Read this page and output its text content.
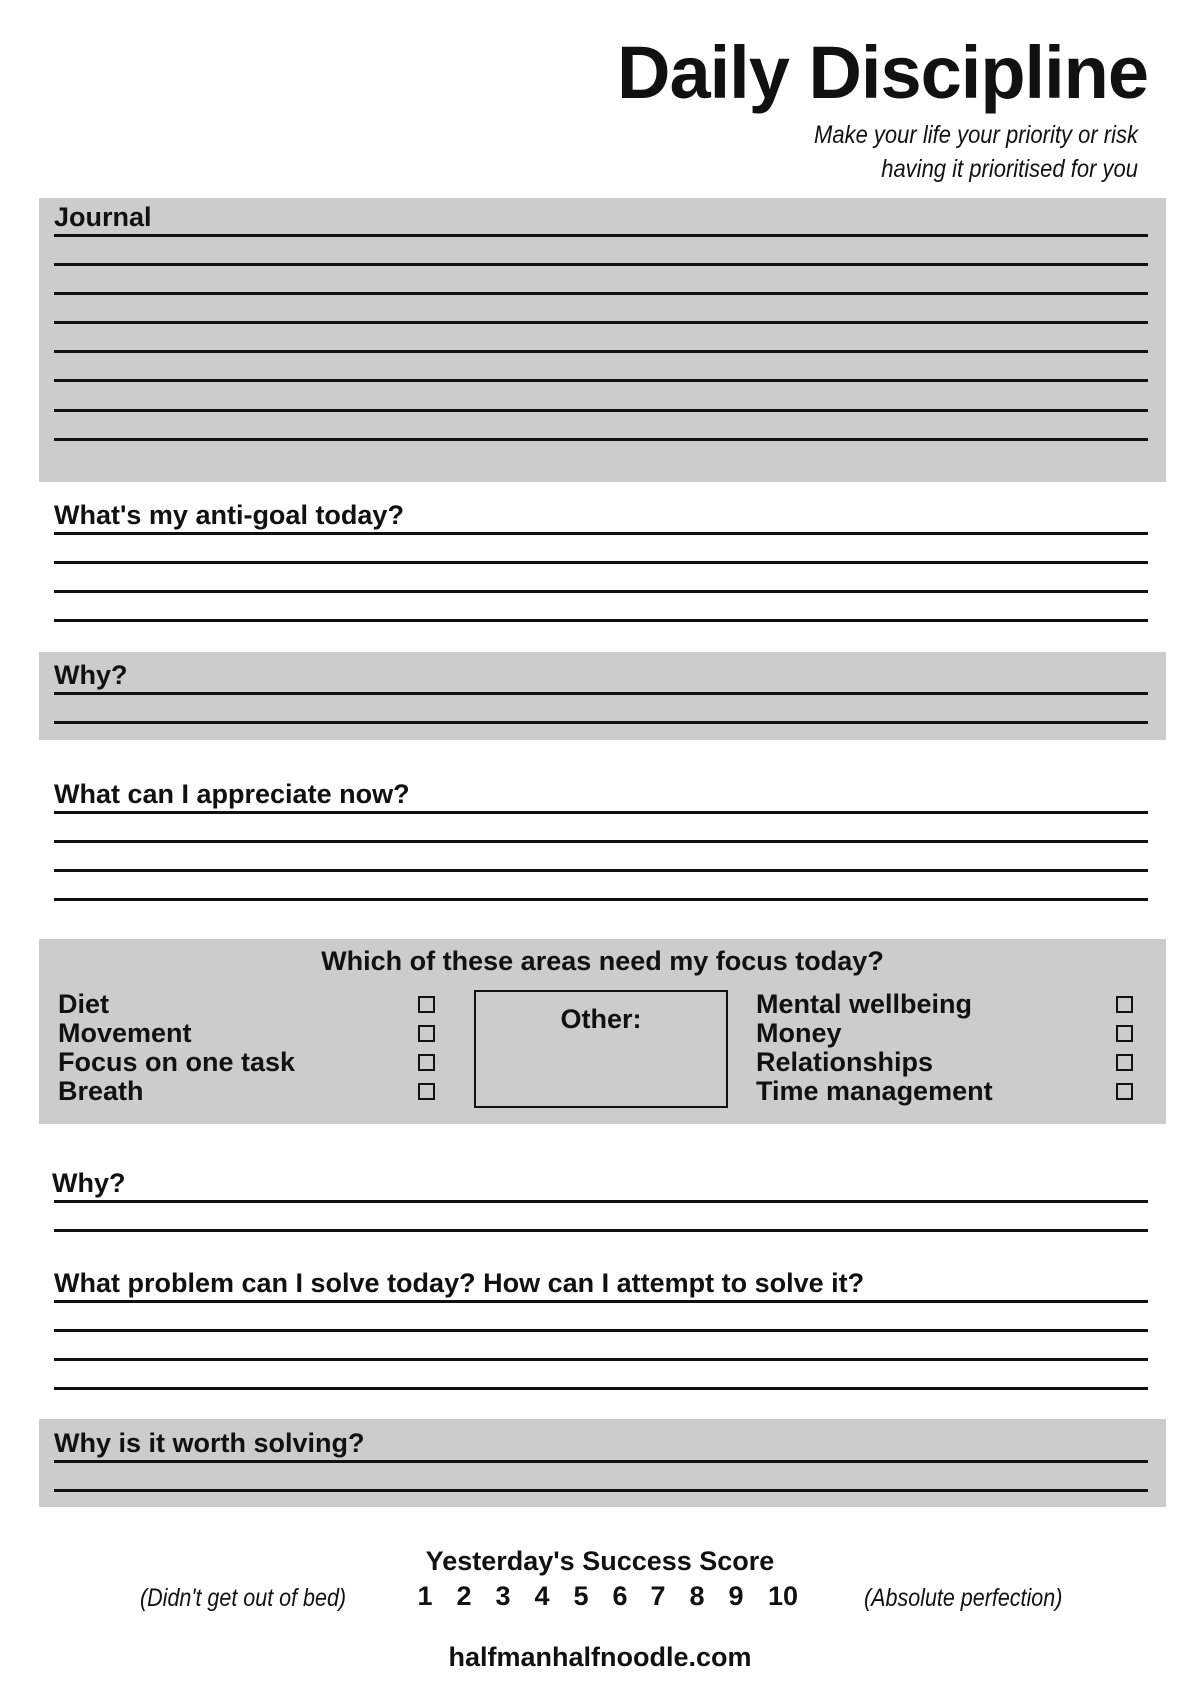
Daily Discipline
Make your life your priority or risk
having it prioritised for you
Journal
What's my anti-goal today?
Why?
What can I appreciate now?
Which of these areas need my focus today?
Diet
Movement
Focus on one task
Breath
Other:	Mental wellbeing
Money
Relationships
Time management
Why?
What problem can I solve today? How can I attempt to solve it?
Why is it worth solving?
Yesterday's Success Score
(Didn't get out of bed)	(Absolute perfection)
1 2 3 4 5 6 7 8 9 10
halfmanhalfnoodle.com
